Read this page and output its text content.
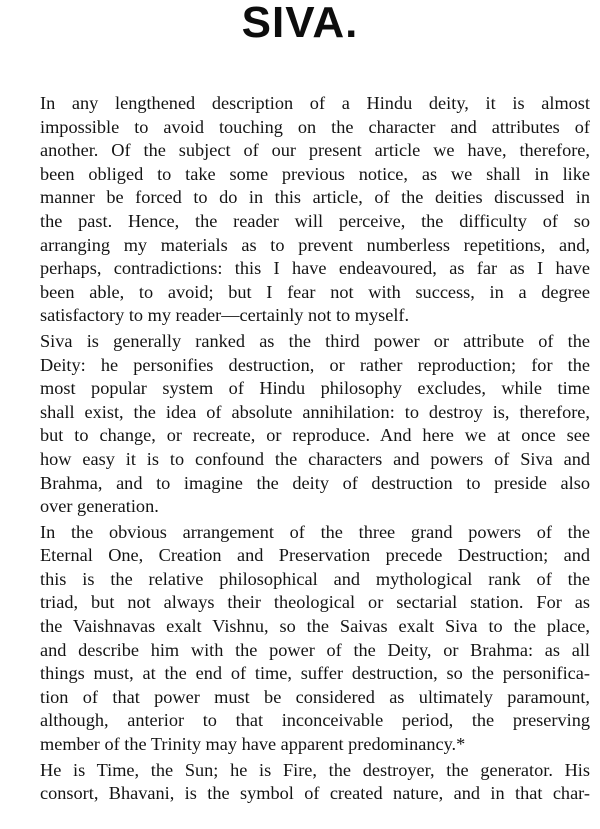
SIVA.
In any lengthened description of a Hindu deity, it is almost
impossible to avoid touching on the character and attributes of
another. Of the subject of our present article we have, therefore,
been obliged to take some previous notice, as we shall in like
manner be forced to do in this article, of the deities discussed in
the past. Hence, the reader will perceive, the difficulty of so
arranging my materials as to prevent numberless repetitions, and,
perhaps, contradictions: this I have endeavoured, as far as I have
been able, to avoid; but I fear not with success, in a degree
satisfactory to my reader—certainly not to myself.
Siva is generally ranked as the third power or attribute of the
Deity: he personifies destruction, or rather reproduction; for the
most popular system of Hindu philosophy excludes, while time
shall exist, the idea of absolute annihilation: to destroy is, therefore,
but to change, or recreate, or reproduce. And here we at once see
how easy it is to confound the characters and powers of Siva and
Brahma, and to imagine the deity of destruction to preside also
over generation.
In the obvious arrangement of the three grand powers of the
Eternal One, Creation and Preservation precede Destruction; and
this is the relative philosophical and mythological rank of the
triad, but not always their theological or sectarial station. For as
the Vaishnavas exalt Vishnu, so the Saivas exalt Siva to the place,
and describe him with the power of the Deity, or Brahma: as all
things must, at the end of time, suffer destruction, so the personifica-
tion of that power must be considered as ultimately paramount,
although, anterior to that inconceivable period, the preserving
member of the Trinity may have apparent predominancy.*
He is Time, the Sun; he is Fire, the destroyer, the generator. His
consort, Bhavani, is the symbol of created nature, and in that char-
